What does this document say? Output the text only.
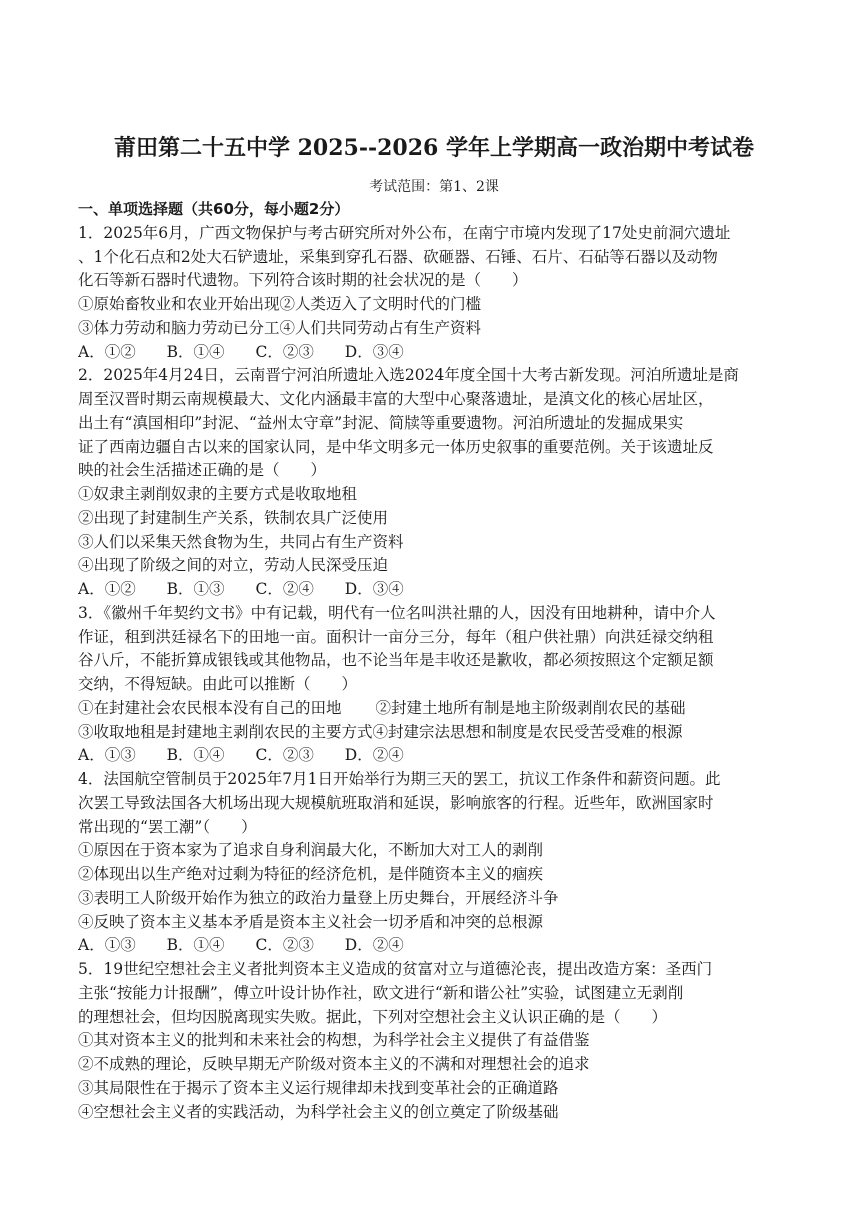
莆田第二十五中学 2025--2026 学年上学期高一政治期中考试卷
考试范围：第1、2课
一、单项选择题（共60分，每小题2分）
1．2025年6月，广西文物保护与考古研究所对外公布，在南宁市境内发现了17处史前洞穴遗址
、1个化石点和2处大石铲遗址，采集到穿孔石器、砍砸器、石锤、石片、石砧等石器以及动物
化石等新石器时代遗物。下列符合该时期的社会状况的是（　　）
①原始畜牧业和农业开始出现②人类迈入了文明时代的门槛
③体力劳动和脑力劳动已分工④人们共同劳动占有生产资料
A．①② B．①④ C．②③ D．③④
2．2025年4月24日，云南晋宁河泊所遗址入选2024年度全国十大考古新发现。河泊所遗址是商
周至汉晋时期云南规模最大、文化内涵最丰富的大型中心聚落遗址，是滇文化的核心居址区，
出土有“滇国相印”封泥、“益州太守章”封泥、简牍等重要遗物。河泊所遗址的发掘成果实
证了西南边疆自古以来的国家认同，是中华文明多元一体历史叙事的重要范例。关于该遗址反
映的社会生活描述正确的是（　　）
①奴隶主剥削奴隶的主要方式是收取地租
②出现了封建制生产关系，铁制农具广泛使用
③人们以采集天然食物为生，共同占有生产资料
④出现了阶级之间的对立，劳动人民深受压迫
A．①② B．①③ C．②④ D．③④
3．《徽州千年契约文书》中有记载，明代有一位名叫洪社鼎的人，因没有田地耕种，请中介人
作证，租到洪廷禄名下的田地一亩。面积计一亩分三分，每年（租户供社鼎）向洪廷禄交纳租
谷八斤，不能折算成银钱或其他物品，也不论当年是丰收还是歉收，都必须按照这个定额足额
交纳，不得短缺。由此可以推断（　　）
①在封建社会农民根本没有自己的田地 ②封建土地所有制是地主阶级剥削农民的基础
③收取地租是封建地主剥削农民的主要方式④封建宗法思想和制度是农民受苦受难的根源
A．①③ B．①④ C．②③ D．②④
4．法国航空管制员于2025年7月1日开始举行为期三天的罢工，抗议工作条件和薪资问题。此
次罢工导致法国各大机场出现大规模航班取消和延误，影响旅客的行程。近些年，欧洲国家时
常出现的“罢工潮”（　　）
①原因在于资本家为了追求自身利润最大化，不断加大对工人的剥削
②体现出以生产绝对过剩为特征的经济危机，是伴随资本主义的痼疾
③表明工人阶级开始作为独立的政治力量登上历史舞台，开展经济斗争
④反映了资本主义基本矛盾是资本主义社会一切矛盾和冲突的总根源
A．①③ B．①④ C．②③ D．②④
5．19世纪空想社会主义者批判资本主义造成的贫富对立与道德沦丧，提出改造方案：圣西门
主张“按能力计报酬”，傅立叶设计协作社，欧文进行“新和谐公社”实验，试图建立无剥削
的理想社会，但均因脱离现实失败。据此，下列对空想社会主义认识正确的是（　　）
①其对资本主义的批判和未来社会的构想，为科学社会主义提供了有益借鉴
②不成熟的理论，反映早期无产阶级对资本主义的不满和对理想社会的追求
③其局限性在于揭示了资本主义运行规律却未找到变革社会的正确道路
④空想社会主义者的实践活动，为科学社会主义的创立奠定了阶级基础
